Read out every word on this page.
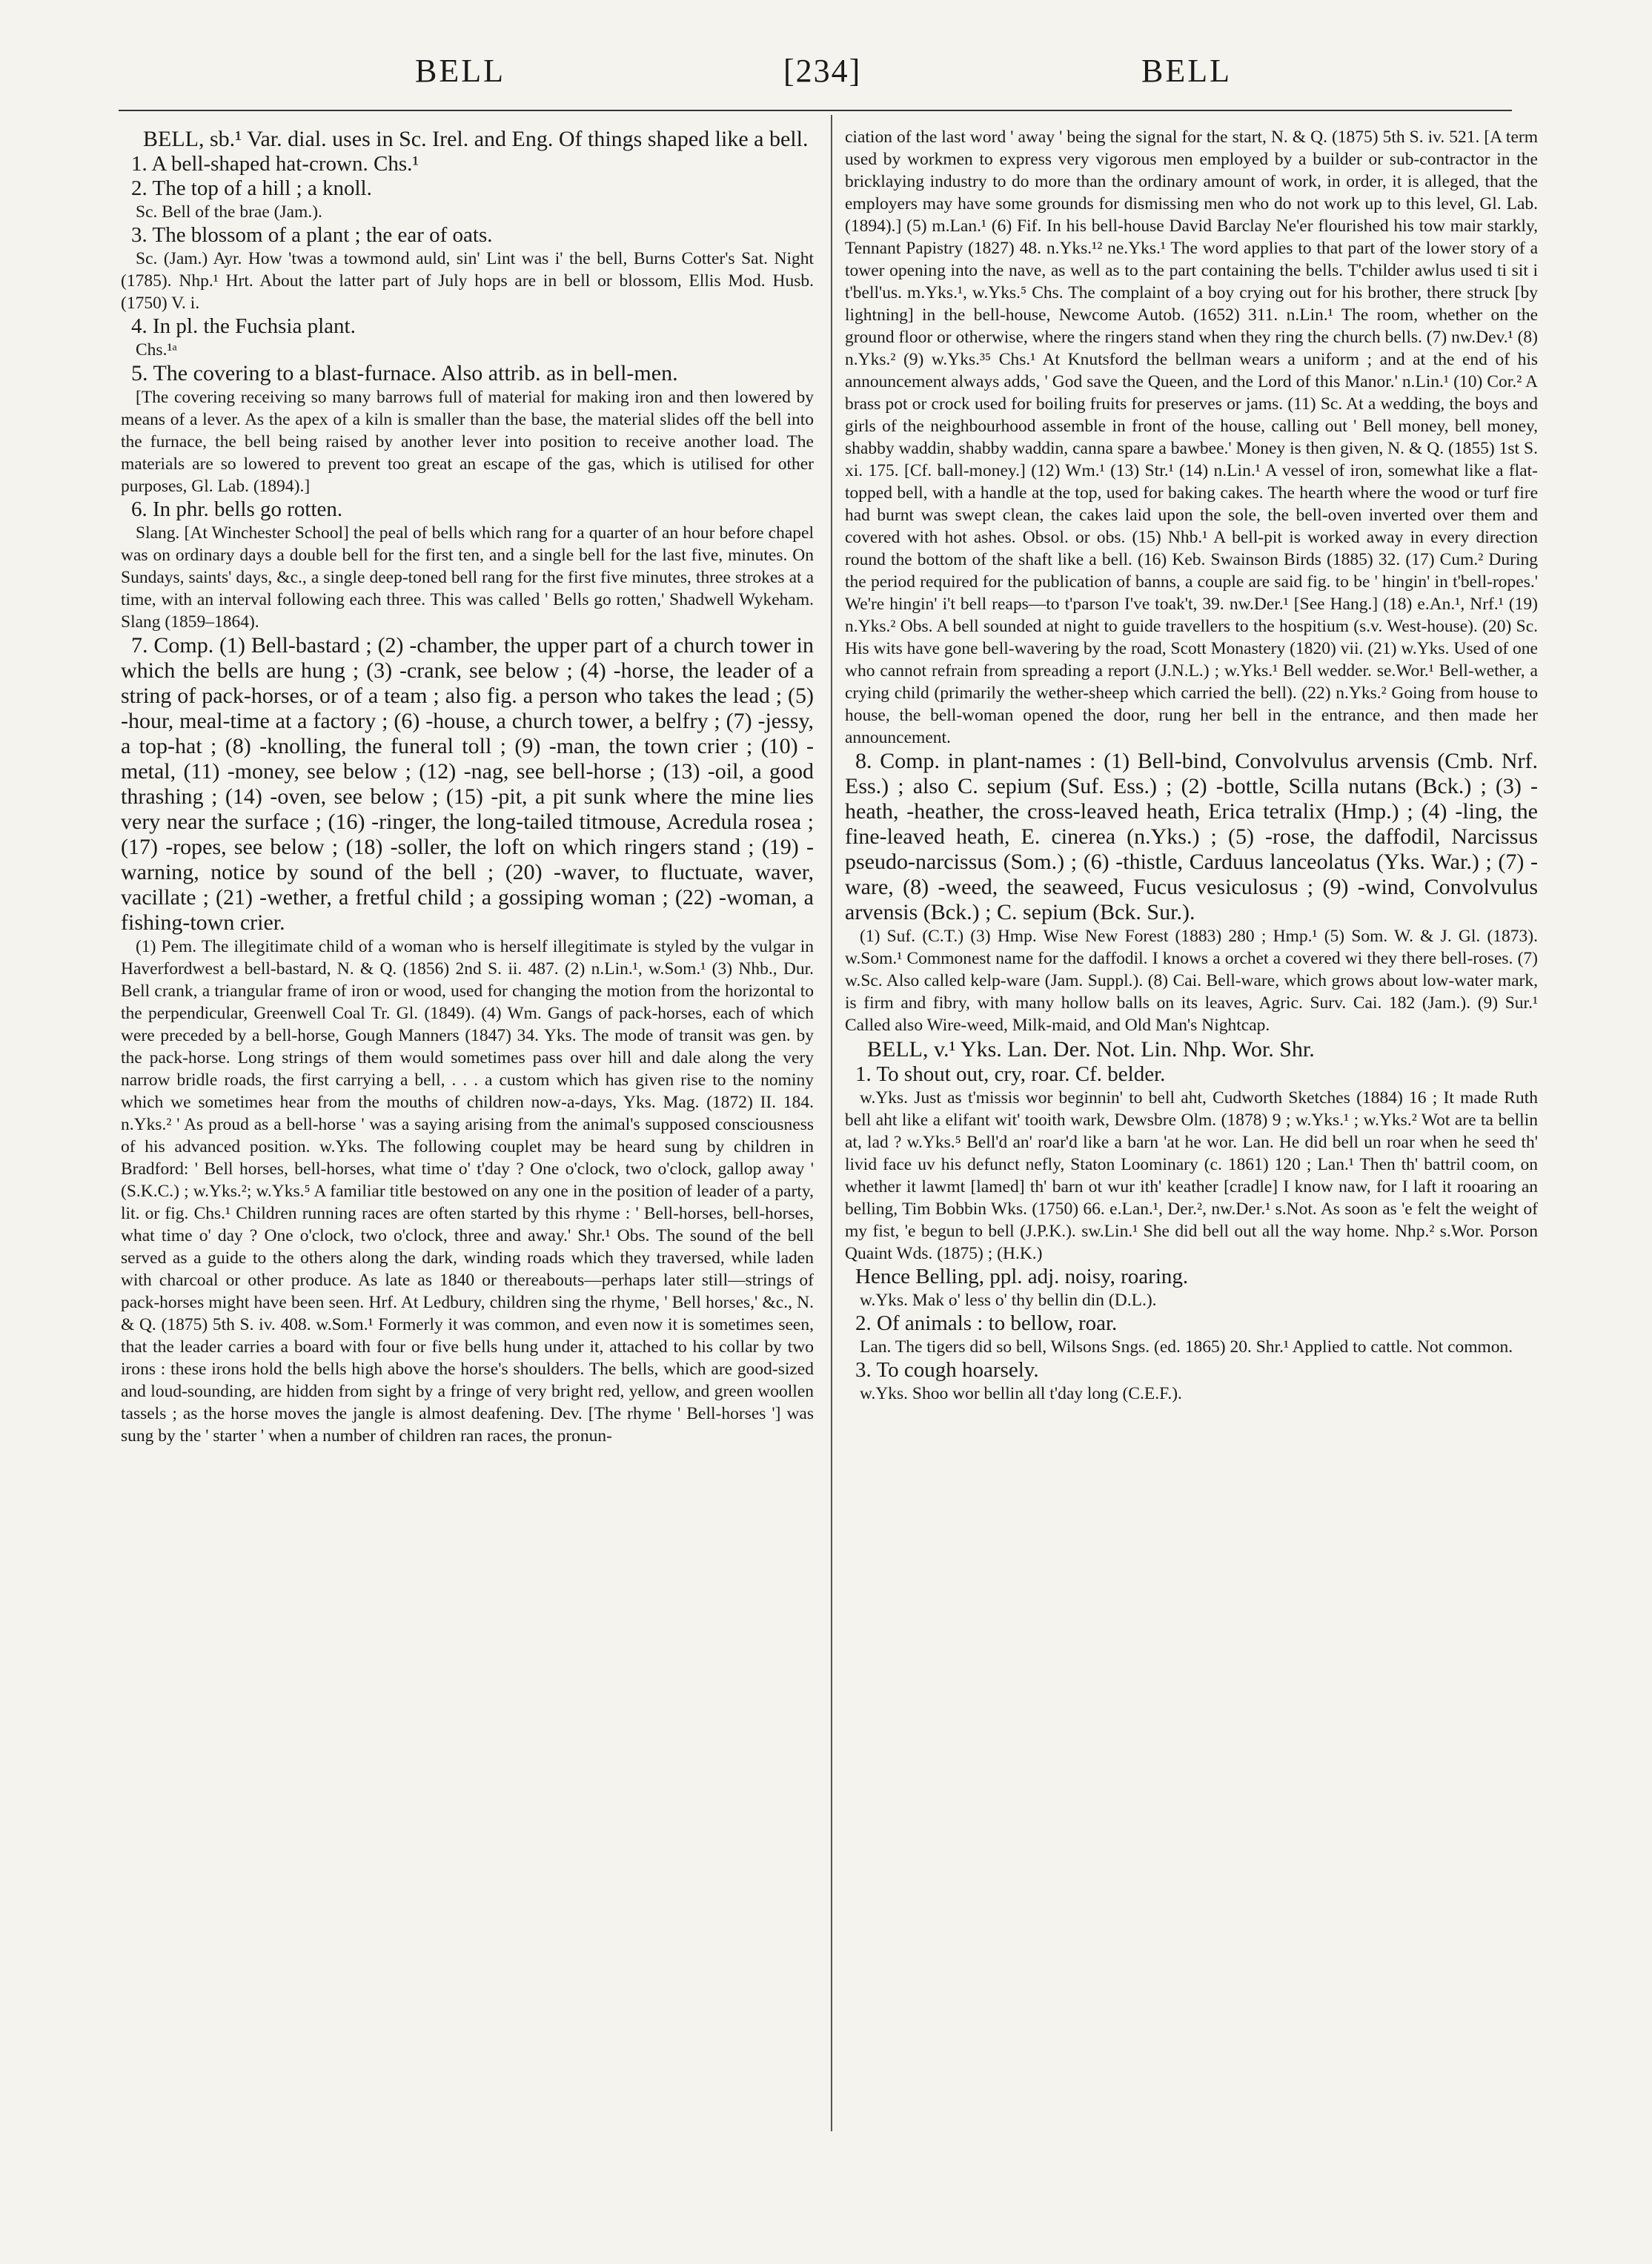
BELL	[234]	BELL

BELL, sb.¹ Var. dial. uses in Sc. Irel. and Eng. Of things shaped like a bell.

1. A bell-shaped hat-crown. Chs.¹

2. The top of a hill ; a knoll.

Sc. Bell of the brae (Jam.).

3. The blossom of a plant ; the ear of oats.

Sc. (Jam.) Ayr. How 'twas a towmond auld, sin' Lint was i' the bell, Burns Cotter's Sat. Night (1785). Nhp.¹ Hrt. About the latter part of July hops are in bell or blossom, Ellis Mod. Husb. (1750) V. i.

4. In pl. the Fuchsia plant.

Chs.¹ᵃ

5. The covering to a blast-furnace. Also attrib. as in bell-men.

[The covering receiving so many barrows full of material for making iron and then lowered by means of a lever. As the apex of a kiln is smaller than the base, the material slides off the bell into the furnace, the bell being raised by another lever into position to receive another load. The materials are so lowered to prevent too great an escape of the gas, which is utilised for other purposes, Gl. Lab. (1894).]

6. In phr. bells go rotten.

Slang. [At Winchester School] the peal of bells which rang for a quarter of an hour before chapel was on ordinary days a double bell for the first ten, and a single bell for the last five, minutes. On Sundays, saints' days, &c., a single deep-toned bell rang for the first five minutes, three strokes at a time, with an interval following each three. This was called ' Bells go rotten,' Shadwell Wykeham. Slang (1859–1864).

7. Comp. (1) Bell-bastard ; (2) -chamber, the upper part of a church tower in which the bells are hung ; (3) -crank, see below ; (4) -horse, the leader of a string of pack-horses, or of a team ; also fig. a person who takes the lead ; (5) -hour, meal-time at a factory ; (6) -house, a church tower, a belfry ; (7) -jessy, a top-hat ; (8) -knolling, the funeral toll ; (9) -man, the town crier ; (10) -metal, (11) -money, see below ; (12) -nag, see bell-horse ; (13) -oil, a good thrashing ; (14) -oven, see below ; (15) -pit, a pit sunk where the mine lies very near the surface ; (16) -ringer, the long-tailed titmouse, Acredula rosea ; (17) -ropes, see below ; (18) -soller, the loft on which ringers stand ; (19) -warning, notice by sound of the bell ; (20) -waver, to fluctuate, waver, vacillate ; (21) -wether, a fretful child ; a gossiping woman ; (22) -woman, a fishing-town crier.

(1) Pem. The illegitimate child of a woman who is herself illegitimate is styled by the vulgar in Haverfordwest a bell-bastard, N. & Q. (1856) 2nd S. ii. 487. (2) n.Lin.¹, w.Som.¹ (3) Nhb., Dur. Bell crank, a triangular frame of iron or wood, used for changing the motion from the horizontal to the perpendicular, Greenwell Coal Tr. Gl. (1849). (4) Wm. Gangs of pack-horses, each of which were preceded by a bell-horse, Gough Manners (1847) 34. Yks. The mode of transit was gen. by the pack-horse. Long strings of them would sometimes pass over hill and dale along the very narrow bridle roads, the first carrying a bell, . . . a custom which has given rise to the nominy which we sometimes hear from the mouths of children now-a-days, Yks. Mag. (1872) II. 184. n.Yks.² ' As proud as a bell-horse ' was a saying arising from the animal's supposed consciousness of his advanced position. w.Yks. The following couplet may be heard sung by children in Bradford: ' Bell horses, bell-horses, what time o' t'day ? One o'clock, two o'clock, gallop away ' (S.K.C.) ; w.Yks.²; w.Yks.⁵ A familiar title bestowed on any one in the position of leader of a party, lit. or fig. Chs.¹ Children running races are often started by this rhyme : ' Bell-horses, bell-horses, what time o' day ? One o'clock, two o'clock, three and away.' Shr.¹ Obs. The sound of the bell served as a guide to the others along the dark, winding roads which they traversed, while laden with charcoal or other produce. As late as 1840 or thereabouts—perhaps later still—strings of pack-horses might have been seen. Hrf. At Ledbury, children sing the rhyme, ' Bell horses,' &c., N. & Q. (1875) 5th S. iv. 408. w.Som.¹ Formerly it was common, and even now it is sometimes seen, that the leader carries a board with four or five bells hung under it, attached to his collar by two irons : these irons hold the bells high above the horse's shoulders. The bells, which are good-sized and loud-sounding, are hidden from sight by a fringe of very bright red, yellow, and green woollen tassels ; as the horse moves the jangle is almost deafening. Dev. [The rhyme ' Bell-horses '] was sung by the ' starter ' when a number of children ran races, the pronun-

ciation of the last word ' away ' being the signal for the start, N. & Q. (1875) 5th S. iv. 521. [A term used by workmen to express very vigorous men employed by a builder or sub-contractor in the bricklaying industry to do more than the ordinary amount of work, in order, it is alleged, that the employers may have some grounds for dismissing men who do not work up to this level, Gl. Lab. (1894).] (5) m.Lan.¹ (6) Fif. In his bell-house David Barclay Ne'er flourished his tow mair starkly, Tennant Papistry (1827) 48. n.Yks.¹² ne.Yks.¹ The word applies to that part of the lower story of a tower opening into the nave, as well as to the part containing the bells. T'childer awlus used ti sit i t'bell'us. m.Yks.¹, w.Yks.⁵ Chs. The complaint of a boy crying out for his brother, there struck [by lightning] in the bell-house, Newcome Autob. (1652) 311. n.Lin.¹ The room, whether on the ground floor or otherwise, where the ringers stand when they ring the church bells. (7) nw.Dev.¹ (8) n.Yks.² (9) w.Yks.³⁵ Chs.¹ At Knutsford the bellman wears a uniform ; and at the end of his announcement always adds, ' God save the Queen, and the Lord of this Manor.' n.Lin.¹ (10) Cor.² A brass pot or crock used for boiling fruits for preserves or jams. (11) Sc. At a wedding, the boys and girls of the neighbourhood assemble in front of the house, calling out ' Bell money, bell money, shabby waddin, shabby waddin, canna spare a bawbee.' Money is then given, N. & Q. (1855) 1st S. xi. 175. [Cf. ball-money.] (12) Wm.¹ (13) Str.¹ (14) n.Lin.¹ A vessel of iron, somewhat like a flat-topped bell, with a handle at the top, used for baking cakes. The hearth where the wood or turf fire had burnt was swept clean, the cakes laid upon the sole, the bell-oven inverted over them and covered with hot ashes. Obsol. or obs. (15) Nhb.¹ A bell-pit is worked away in every direction round the bottom of the shaft like a bell. (16) Keb. Swainson Birds (1885) 32. (17) Cum.² During the period required for the publication of banns, a couple are said fig. to be ' hingin' in t'bell-ropes.' We're hingin' i't bell reaps—to t'parson I've toak't, 39. nw.Der.¹ [See Hang.] (18) e.An.¹, Nrf.¹ (19) n.Yks.² Obs. A bell sounded at night to guide travellers to the hospitium (s.v. West-house). (20) Sc. His wits have gone bell-wavering by the road, Scott Monastery (1820) vii. (21) w.Yks. Used of one who cannot refrain from spreading a report (J.N.L.) ; w.Yks.¹ Bell wedder. se.Wor.¹ Bell-wether, a crying child (primarily the wether-sheep which carried the bell). (22) n.Yks.² Going from house to house, the bell-woman opened the door, rung her bell in the entrance, and then made her announcement.

8. Comp. in plant-names : (1) Bell-bind, Convolvulus arvensis (Cmb. Nrf. Ess.) ; also C. sepium (Suf. Ess.) ; (2) -bottle, Scilla nutans (Bck.) ; (3) -heath, -heather, the cross-leaved heath, Erica tetralix (Hmp.) ; (4) -ling, the fine-leaved heath, E. cinerea (n.Yks.) ; (5) -rose, the daffodil, Narcissus pseudo-narcissus (Som.) ; (6) -thistle, Carduus lanceolatus (Yks. War.) ; (7) -ware, (8) -weed, the seaweed, Fucus vesiculosus ; (9) -wind, Convolvulus arvensis (Bck.) ; C. sepium (Bck. Sur.).

(1) Suf. (C.T.) (3) Hmp. Wise New Forest (1883) 280 ; Hmp.¹ (5) Som. W. & J. Gl. (1873). w.Som.¹ Commonest name for the daffodil. I knows a orchet a covered wi they there bell-roses. (7) w.Sc. Also called kelp-ware (Jam. Suppl.). (8) Cai. Bell-ware, which grows about low-water mark, is firm and fibry, with many hollow balls on its leaves, Agric. Surv. Cai. 182 (Jam.). (9) Sur.¹ Called also Wire-weed, Milk-maid, and Old Man's Nightcap.

BELL, v.¹ Yks. Lan. Der. Not. Lin. Nhp. Wor. Shr.

1. To shout out, cry, roar. Cf. belder.

w.Yks. Just as t'missis wor beginnin' to bell aht, Cudworth Sketches (1884) 16 ; It made Ruth bell aht like a elifant wit' tooith wark, Dewsbre Olm. (1878) 9 ; w.Yks.¹ ; w.Yks.² Wot are ta bellin at, lad ? w.Yks.⁵ Bell'd an' roar'd like a barn 'at he wor. Lan. He did bell un roar when he seed th' livid face uv his defunct nefly, Staton Loominary (c. 1861) 120 ; Lan.¹ Then th' battril coom, on whether it lawmt [lamed] th' barn ot wur ith' keather [cradle] I know naw, for I laft it rooaring an belling, Tim Bobbin Wks. (1750) 66. e.Lan.¹, Der.², nw.Der.¹ s.Not. As soon as 'e felt the weight of my fist, 'e begun to bell (J.P.K.). sw.Lin.¹ She did bell out all the way home. Nhp.² s.Wor. Porson Quaint Wds. (1875) ; (H.K.)

Hence Belling, ppl. adj. noisy, roaring.

w.Yks. Mak o' less o' thy bellin din (D.L.).

2. Of animals : to bellow, roar.

Lan. The tigers did so bell, Wilsons Sngs. (ed. 1865) 20. Shr.¹ Applied to cattle. Not common.

3. To cough hoarsely.

w.Yks. Shoo wor bellin all t'day long (C.E.F.).
